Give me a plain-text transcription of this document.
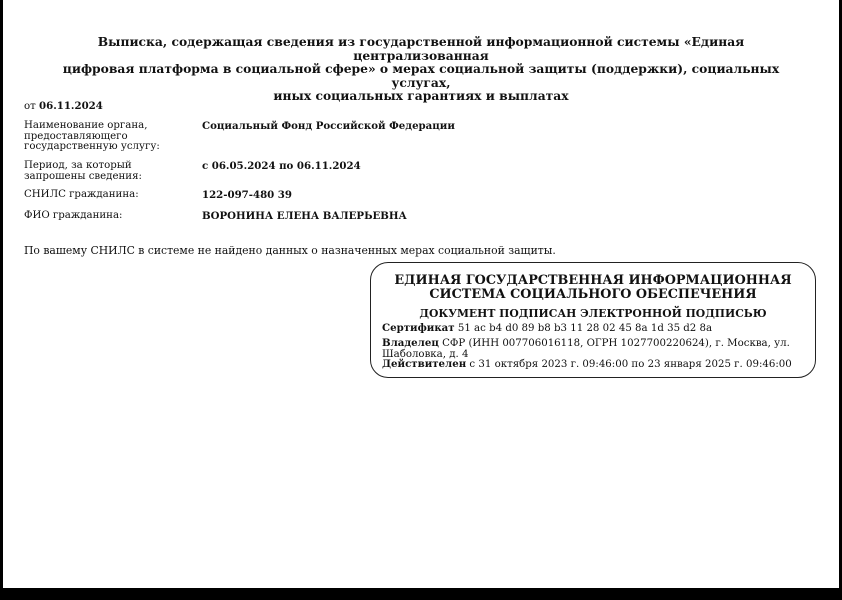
Выписка, содержащая сведения из государственной информационной системы «Единая централизованная
цифровая платформа в социальной сфере» о мерах социальной защиты (поддержки), социальных услугах,
иных социальных гарантиях и выплатах
от 06.11.2024
Наименование органа, предоставляющего государственную услугу:
Социальный Фонд Российской Федерации
Период, за который запрошены сведения:
с 06.05.2024 по 06.11.2024
СНИЛС гражданина:	122-097-480 39
ФИО гражданина:	ВОРОНИНА ЕЛЕНА ВАЛЕРЬЕВНА
По вашему СНИЛС в системе не найдено данных о назначенных мерах социальной защиты.
ЕДИНАЯ ГОСУДАРСТВЕННАЯ ИНФОРМАЦИОННАЯ
СИСТЕМА СОЦИАЛЬНОГО ОБЕСПЕЧЕНИЯ
ДОКУМЕНТ ПОДПИСАН ЭЛЕКТРОННОЙ ПОДПИСЬЮ
Сертификат 51 ac b4 d0 89 b8 b3 11 28 02 45 8a 1d 35 d2 8a
Владелец СФР (ИНН 007706016118, ОГРН 1027700220624), г. Москва, ул. Шаболовка, д. 4
Действителен с 31 октября 2023 г. 09:46:00 по 23 января 2025 г. 09:46:00
